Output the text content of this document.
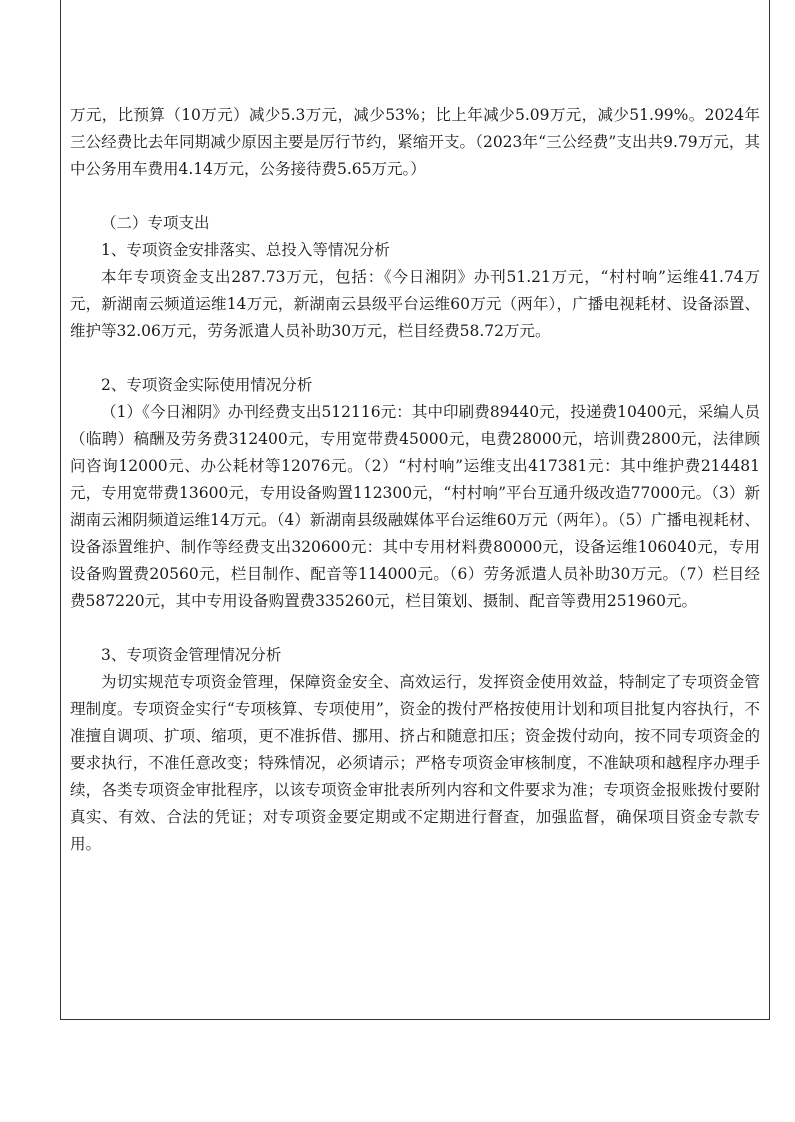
万元，比预算（10万元）减少5.3万元，减少53%；比上年减少5.09万元，减少51.99%。2024年三公经费比去年同期减少原因主要是厉行节约，紧缩开支。（2023年“三公经费”支出共9.79万元，其中公务用车费用4.14万元，公务接待费5.65万元。）

（二）专项支出

1、专项资金安排落实、总投入等情况分析

本年专项资金支出287.73万元，包括：《今日湘阴》办刊51.21万元，“村村响”运维41.74万元，新湖南云频道运维14万元，新湖南云县级平台运维60万元（两年），广播电视耗材、设备添置、维护等32.06万元，劳务派遣人员补助30万元，栏目经费58.72万元。

2、专项资金实际使用情况分析

（1）《今日湘阴》办刊经费支出512116元：其中印刷费89440元，投递费10400元，采编人员（临聘）稿酬及劳务费312400元，专用宽带费45000元，电费28000元，培训费2800元，法律顾问咨询12000元、办公耗材等12076元。（2）“村村响”运维支出417381元：其中维护费214481元，专用宽带费13600元，专用设备购置112300元，“村村响”平台互通升级改造77000元。（3）新湖南云湘阴频道运维14万元。（4）新湖南县级融媒体平台运维60万元（两年）。（5）广播电视耗材、设备添置维护、制作等经费支出320600元：其中专用材料费80000元，设备运维106040元，专用设备购置费20560元，栏目制作、配音等114000元。（6）劳务派遣人员补助30万元。（7）栏目经费587220元，其中专用设备购置费335260元，栏目策划、摄制、配音等费用251960元。

3、专项资金管理情况分析

为切实规范专项资金管理，保障资金安全、高效运行，发挥资金使用效益，特制定了专项资金管理制度。专项资金实行“专项核算、专项使用”，资金的拨付严格按使用计划和项目批复内容执行，不准擅自调项、扩项、缩项，更不准拆借、挪用、挤占和随意扣压；资金拨付动向，按不同专项资金的要求执行，不准任意改变；特殊情况，必须请示；严格专项资金审核制度，不准缺项和越程序办理手续，各类专项资金审批程序，以该专项资金审批表所列内容和文件要求为准；专项资金报账拨付要附真实、有效、合法的凭证；对专项资金要定期或不定期进行督查，加强监督，确保项目资金专款专用。
